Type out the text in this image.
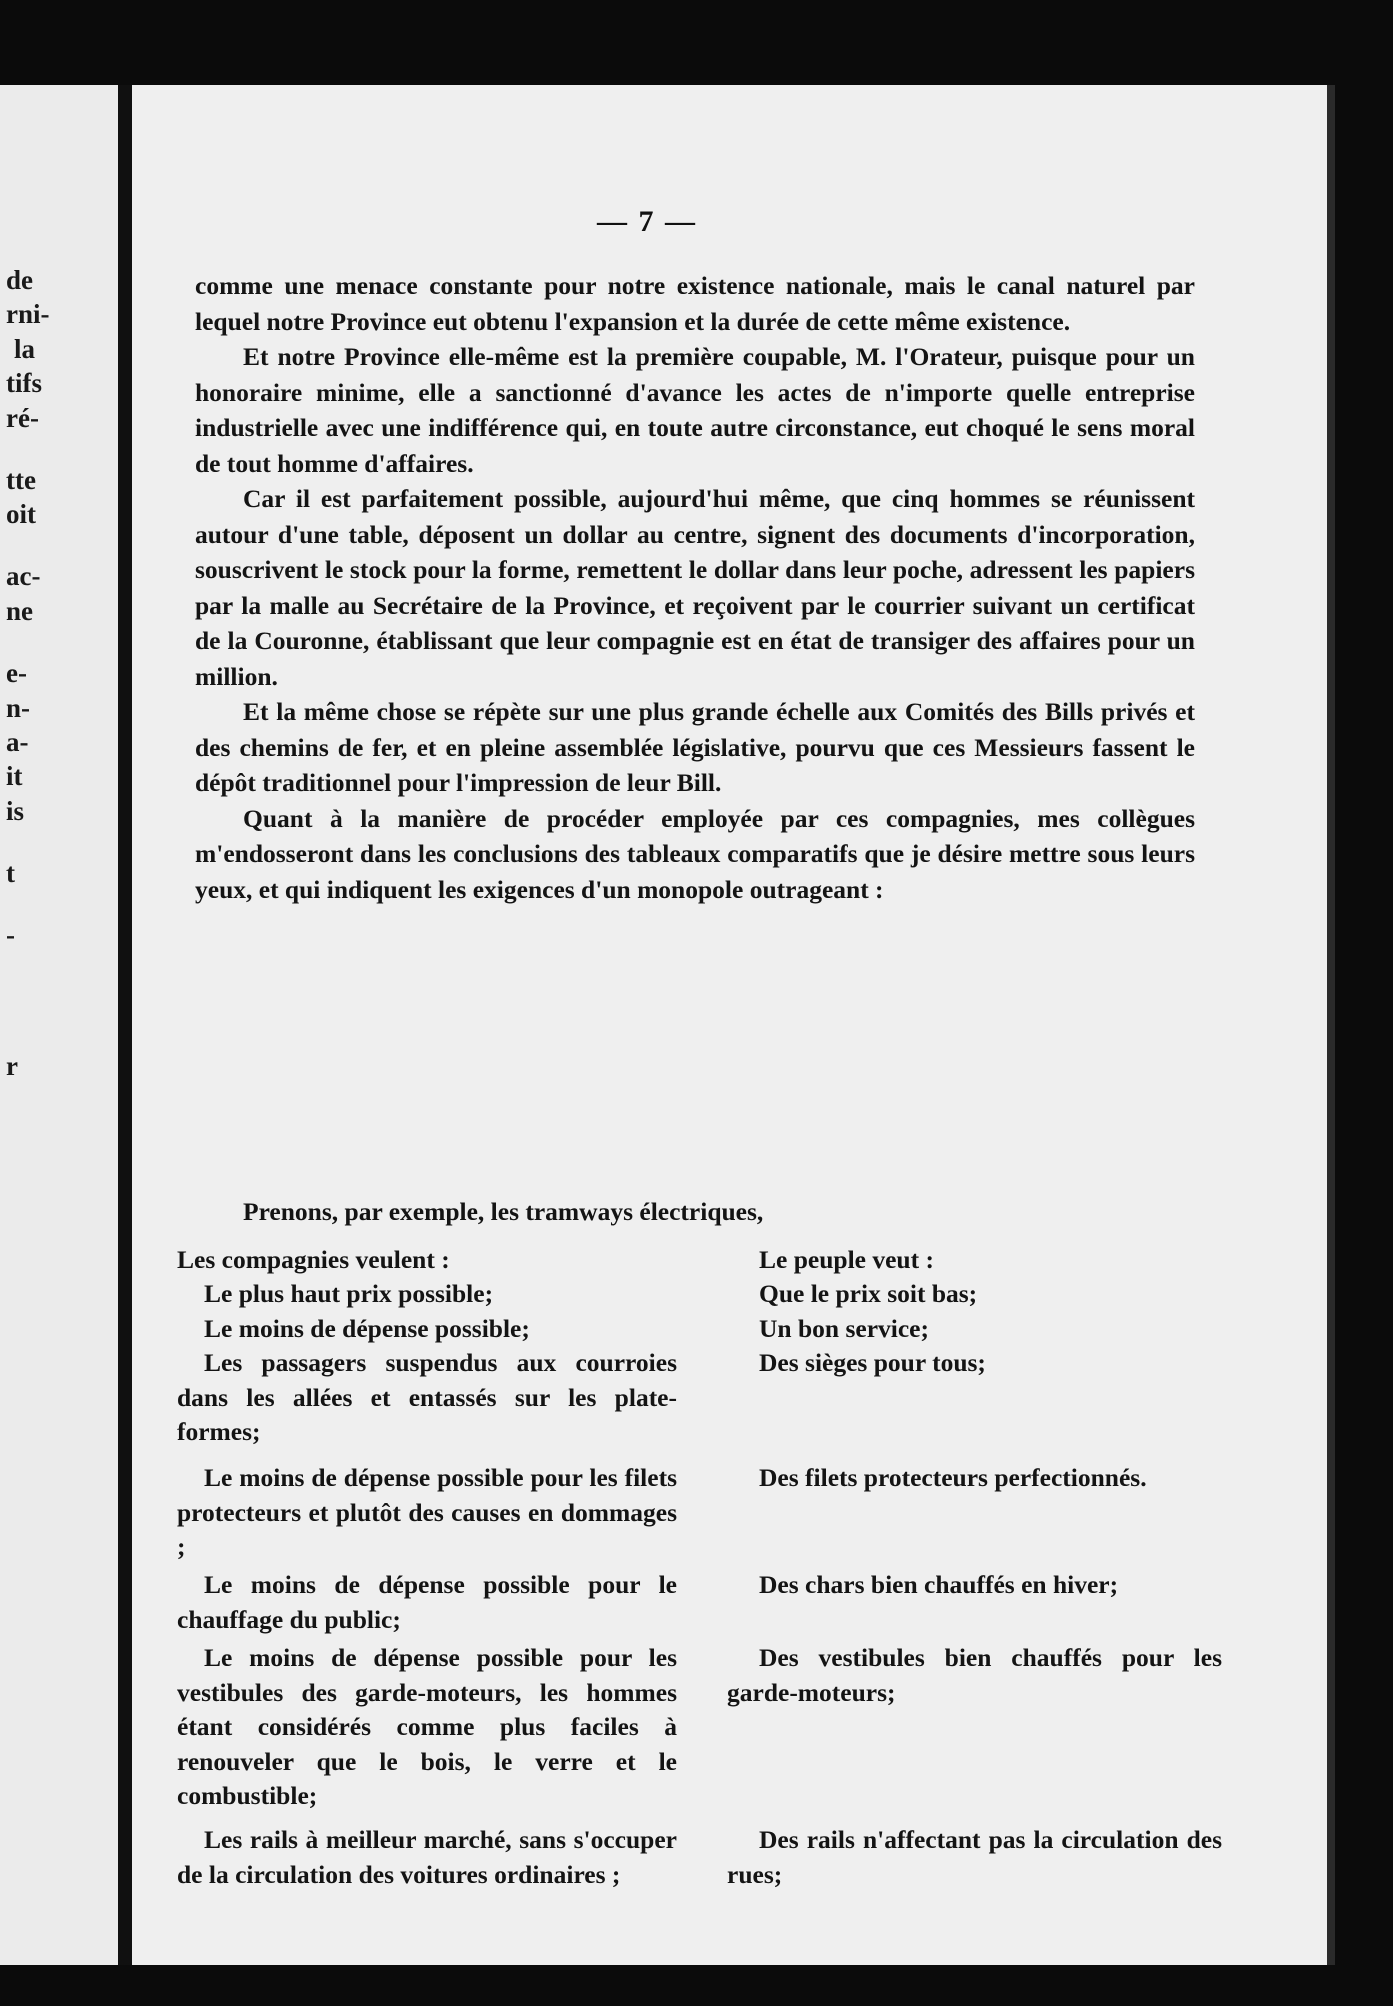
de
rni-
la
tifs
ré-
tte
oit
ac-
ne
e-
n-
a-
it
is
t
-
r
— 7 —

comme une menace constante pour notre existence nationale, mais le canal naturel par lequel notre Province eut obtenu l'expansion et la durée de cette même existence.

Et notre Province elle-même est la première coupable, M. l'Orateur, puisque pour un honoraire minime, elle a sanctionné d'avance les actes de n'importe quelle entreprise industrielle avec une indifférence qui, en toute autre circonstance, eut choqué le sens moral de tout homme d'affaires.

Car il est parfaitement possible, aujourd'hui même, que cinq hommes se réunissent autour d'une table, déposent un dollar au centre, signent des documents d'incorporation, souscrivent le stock pour la forme, remettent le dollar dans leur poche, adressent les papiers par la malle au Secrétaire de la Province, et reçoivent par le courrier suivant un certificat de la Couronne, établissant que leur compagnie est en état de transiger des affaires pour un million.

Et la même chose se répète sur une plus grande échelle aux Comités des Bills privés et des chemins de fer, et en pleine assemblée législative, pourvu que ces Messieurs fassent le dépôt traditionnel pour l'impression de leur Bill.

Quant à la manière de procéder employée par ces compagnies, mes collègues m'endosseront dans les conclusions des tableaux comparatifs que je désire mettre sous leurs yeux, et qui indiquent les exigences d'un monopole outrageant :

Prenons, par exemple, les tramways électriques,
Les compagnies veulent :
Le plus haut prix possible;
Le moins de dépense possible;
Les passagers suspendus aux courroies dans les allées et entassés sur les plate-formes;
Le moins de dépense possible pour les filets protecteurs et plutôt des causes en dommages ;
Le moins de dépense possible pour le chauffage du public;
Le moins de dépense possible pour les vestibules des garde-moteurs, les hommes étant considérés comme plus faciles à renouveler que le bois, le verre et le combustible;
Les rails à meilleur marché, sans s'occuper de la circulation des voitures ordinaires ;
Le peuple veut :
Que le prix soit bas;
Un bon service;
Des sièges pour tous;
Des filets protecteurs perfectionnés.
Des chars bien chauffés en hiver;
Des vestibules bien chauffés pour les garde-moteurs;
Des rails n'affectant pas la circulation des rues;
